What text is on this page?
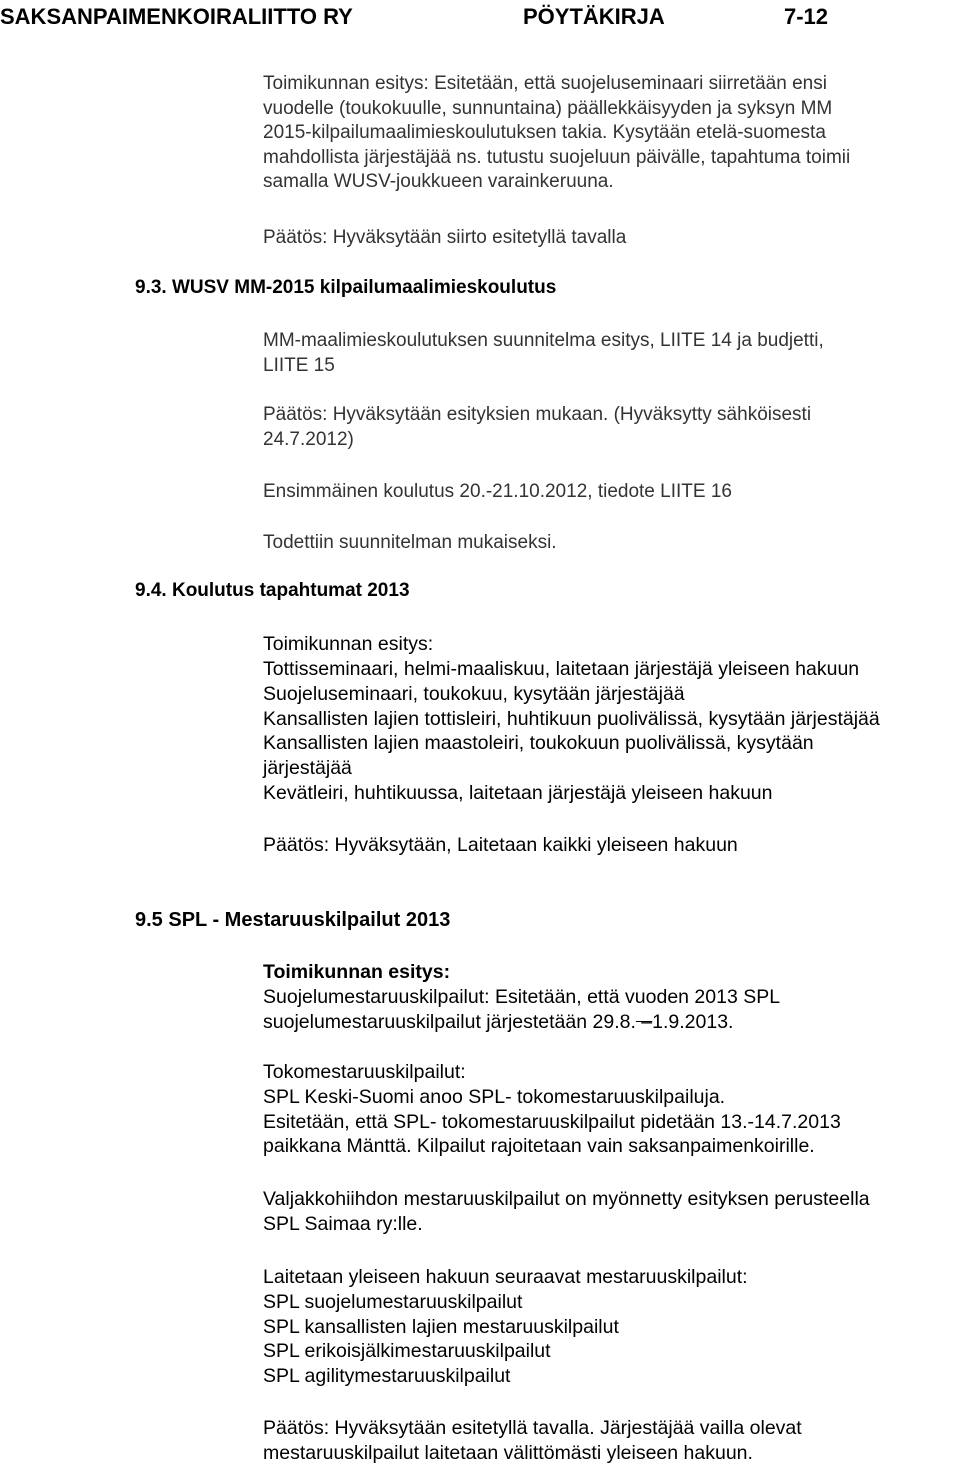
SAKSANPAIMENKOIRALIITTO RY	PÖYTÄKIRJA	7-12
Toimikunnan esitys: Esitetään, että suojeluseminaari siirretään ensi
vuodelle (toukokuulle, sunnuntaina) päällekkäisyyden ja syksyn MM
2015-kilpailumaalimieskoulutuksen takia. Kysytään etelä-suomesta
mahdollista järjestäjää ns. tutustu suojeluun päivälle, tapahtuma toimii
samalla WUSV-joukkueen varainkeruuna.
Päätös: Hyväksytään siirto esitetyllä tavalla
9.3. WUSV MM-2015 kilpailumaalimieskoulutus
MM-maalimieskoulutuksen suunnitelma esitys, LIITE 14 ja budjetti,
LIITE 15
Päätös: Hyväksytään esityksien mukaan. (Hyväksytty sähköisesti
24.7.2012)
Ensimmäinen koulutus 20.-21.10.2012, tiedote LIITE 16
Todettiin suunnitelman mukaiseksi.
9.4. Koulutus tapahtumat 2013
Toimikunnan esitys:
Tottisseminaari, helmi-maaliskuu, laitetaan järjestäjä yleiseen hakuun
Suojeluseminaari, toukokuu, kysytään järjestäjää
Kansallisten lajien tottisleiri, huhtikuun puolivälissä, kysytään järjestäjää
Kansallisten lajien maastoleiri, toukokuun puolivälissä, kysytään
järjestäjää
Kevätleiri, huhtikuussa, laitetaan järjestäjä yleiseen hakuun
Päätös: Hyväksytään, Laitetaan kaikki yleiseen hakuun
9.5 SPL - Mestaruuskilpailut 2013
Toimikunnan esitys:
Suojelumestaruuskilpailut: Esitetään, että vuoden 2013 SPL
suojelumestaruuskilpailut järjestetään 29.8. –1.9.2013.
Tokomestaruuskilpailut:
SPL Keski-Suomi anoo SPL- tokomestaruuskilpailuja.
Esitetään, että SPL- tokomestaruuskilpailut pidetään 13.-14.7.2013
paikkana Mänttä. Kilpailut rajoitetaan vain saksanpaimenkoirille.
Valjakkohiihdon mestaruuskilpailut on myönnetty esityksen perusteella
SPL Saimaa ry:lle.
Laitetaan yleiseen hakuun seuraavat mestaruuskilpailut:
SPL suojelumestaruuskilpailut
SPL kansallisten lajien mestaruuskilpailut
SPL erikoisjälkimestaruuskilpailut
SPL agilitymestaruuskilpailut
Päätös: Hyväksytään esitetyllä tavalla. Järjestäjää vailla olevat
mestaruuskilpailut laitetaan välittömästi yleiseen hakuun.
